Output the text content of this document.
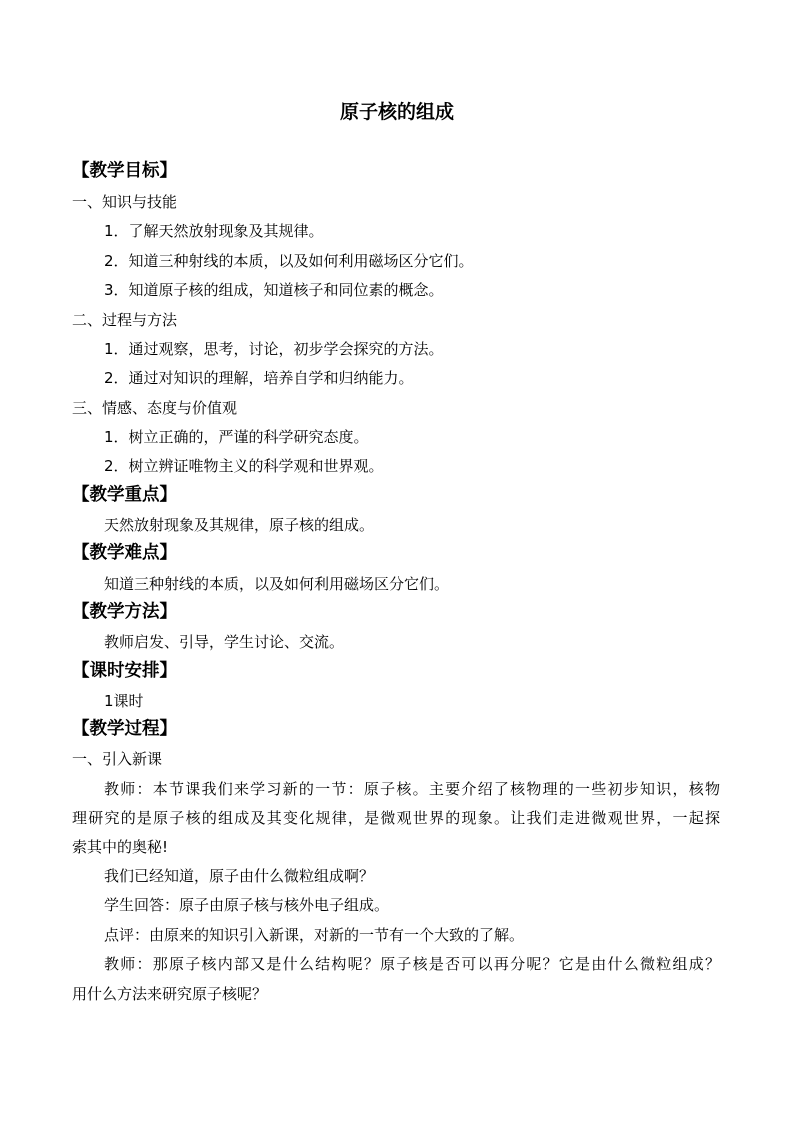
原子核的组成
【教学目标】
一、知识与技能
1．了解天然放射现象及其规律。
2．知道三种射线的本质，以及如何利用磁场区分它们。
3．知道原子核的组成，知道核子和同位素的概念。
二、过程与方法
1．通过观察，思考，讨论，初步学会探究的方法。
2．通过对知识的理解，培养自学和归纳能力。
三、情感、态度与价值观
1．树立正确的，严谨的科学研究态度。
2．树立辨证唯物主义的科学观和世界观。
【教学重点】
天然放射现象及其规律，原子核的组成。
【教学难点】
知道三种射线的本质，以及如何利用磁场区分它们。
【教学方法】
教师启发、引导，学生讨论、交流。
【课时安排】
1课时
【教学过程】
一、引入新课
教师：本节课我们来学习新的一节：原子核。主要介绍了核物理的一些初步知识，核物
理研究的是原子核的组成及其变化规律，是微观世界的现象。让我们走进微观世界，一起探
索其中的奥秘!
我们已经知道，原子由什么微粒组成啊？
学生回答：原子由原子核与核外电子组成。
点评：由原来的知识引入新课，对新的一节有一个大致的了解。
教师：那原子核内部又是什么结构呢？原子核是否可以再分呢？它是由什么微粒组成？
用什么方法来研究原子核呢？
